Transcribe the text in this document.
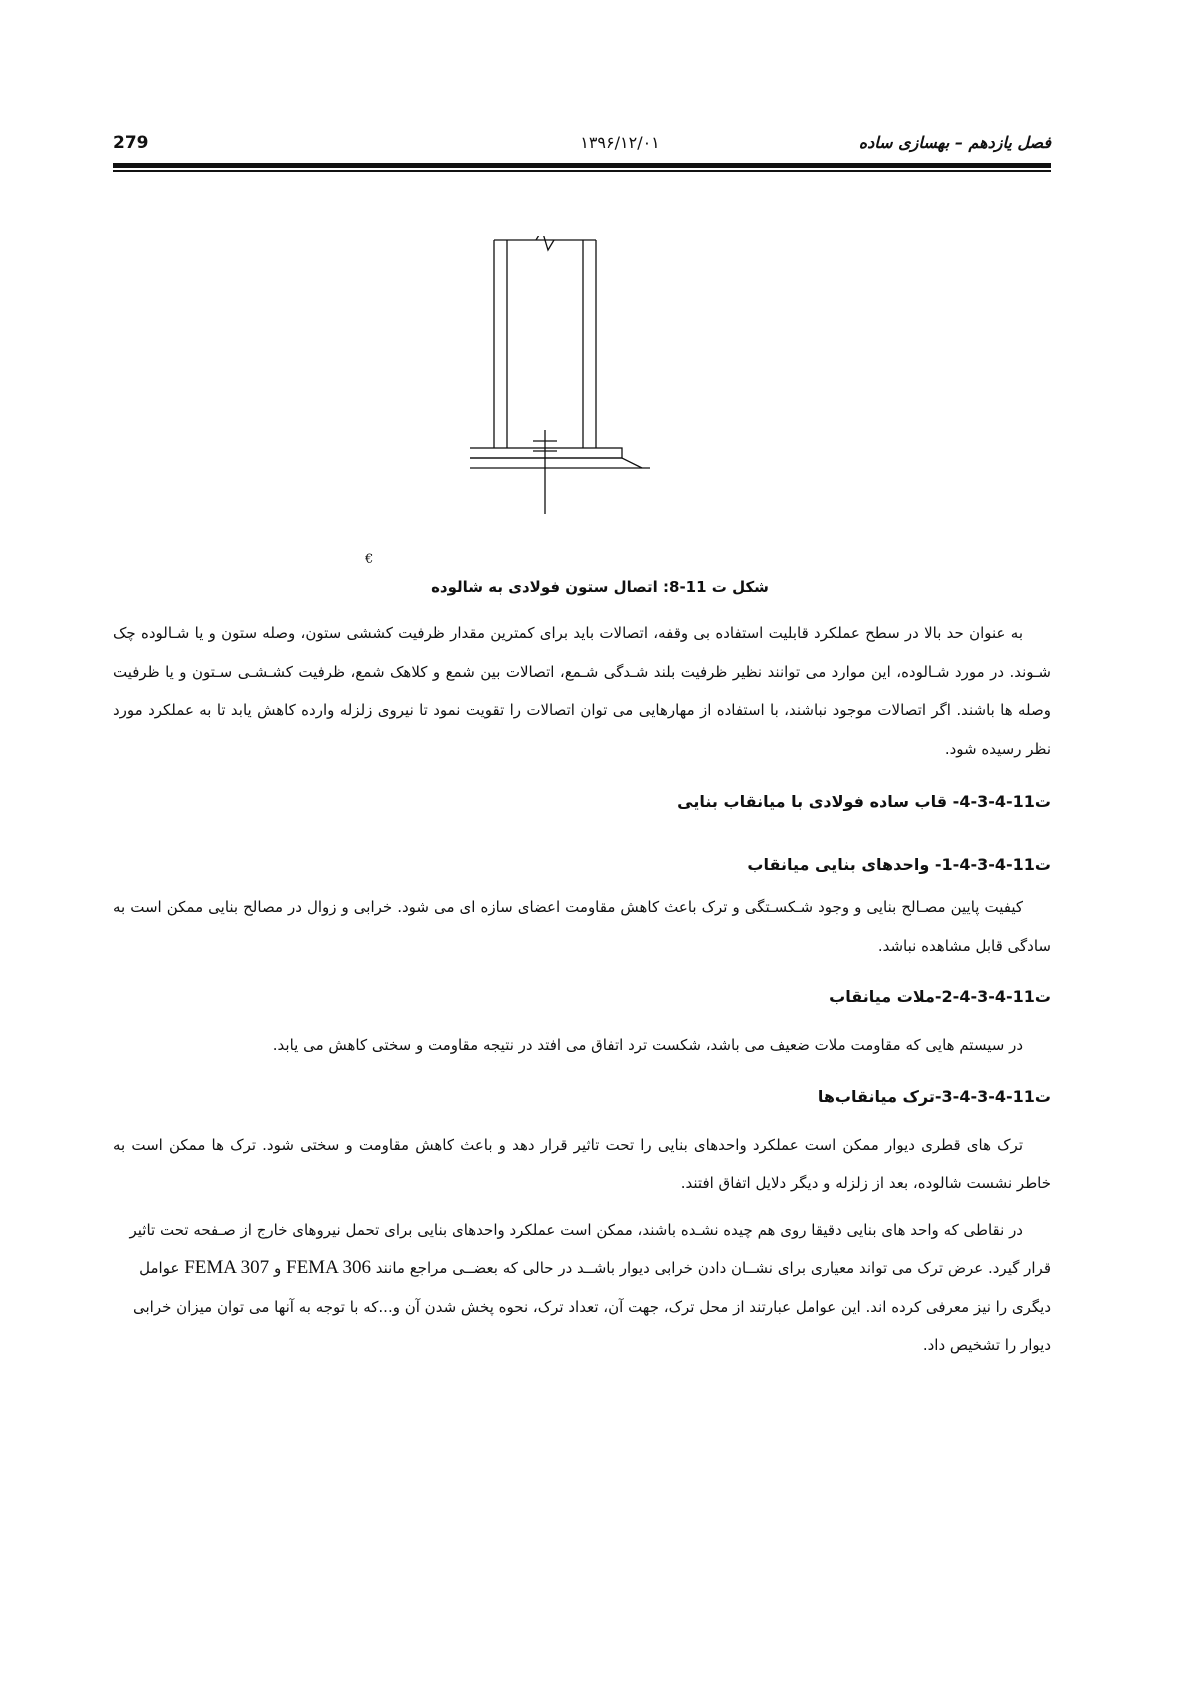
279	۱۳۹۶/۱۲/۰۱	فصل یازدهم – بهسازی ساده
€
شکل ت 11-8: اتصال ستون فولادی به شالوده

به عنوان حد بالا در سطح عملکرد قابلیت استفاده بی وقفه، اتصالات باید برای کمترین مقدار ظرفیت کششی ستون، وصله ستون و یا شـالوده چک شـوند. در مورد شـالوده، این موارد می توانند نظیر ظرفیت بلند شـدگی شـمع، اتصالات بین شمع و کلاهک شمع، ظرفیت کشـشـی سـتون و یا ظرفیت وصله ها باشند. اگر اتصالات موجود نباشند، با استفاده از مهارهایی می توان اتصالات را تقویت نمود تا نیروی زلزله وارده کاهش یابد تا به عملکرد مورد نظر رسیده شود.

ت11-4-3-4- قاب ساده فولادی با میانقاب بنایی
ت11-4-3-4-1- واحدهای بنایی میانقاب

کیفیت پایین مصـالح بنایی و وجود شـکسـتگی و ترک باعث کاهش مقاومت اعضای سازه ای می شود. خرابی و زوال در مصالح بنایی ممکن است به سادگی قابل مشاهده نباشد.

ت11-4-3-4-2-ملات میانقاب

در سیستم هایی که مقاومت ملات ضعیف می باشد، شکست ترد اتفاق می افتد در نتیجه مقاومت و سختی کاهش می یابد.

ت11-4-3-4-3-ترک میانقاب‌ها

ترک های قطری دیوار ممکن است عملکرد واحدهای بنایی را تحت تاثیر قرار دهد و باعث کاهش مقاومت و سختی شود. ترک ها ممکن است به خاطر نشست شالوده، بعد از زلزله و دیگر دلایل اتفاق افتند.

در نقاطی که واحد های بنایی دقیقا روی هم چیده نشـده باشند، ممکن است عملکرد واحدهای بنایی برای تحمل نیروهای خارج از صـفحه تحت تاثیر قرار گیرد. عرض ترک می تواند معیاری برای نشــان دادن خرابی دیوار باشــد در حالی که بعضــی مراجع مانند FEMA 306 و FEMA 307 عوامل دیگری را نیز معرفی کرده اند. این عوامل عبارتند از محل ترک، جهت آن، تعداد ترک، نحوه پخش شدن آن و...که با توجه به آنها می توان میزان خرابی دیوار را تشخیص داد.
